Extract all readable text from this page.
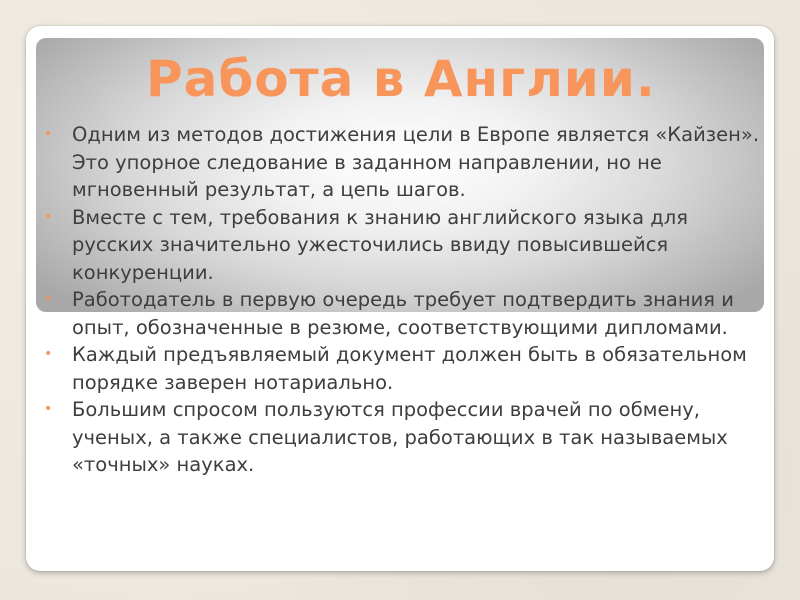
Работа в Англии.
• Одним из методов достижения цели в Европе является «Кайзен». Это упорное следование в заданном направлении, но не мгновенный результат, а цепь шагов.
• Вместе с тем, требования к знанию английского языка для русских значительно ужесточились ввиду повысившейся конкуренции.
• Работодатель в первую очередь требует подтвердить знания и опыт, обозначенные в резюме, соответствующими дипломами.
• Каждый предъявляемый документ должен быть в обязательном порядке заверен нотариально.
• Большим спросом пользуются профессии врачей по обмену, ученых, а также специалистов, работающих в так называемых «точных» науках.
